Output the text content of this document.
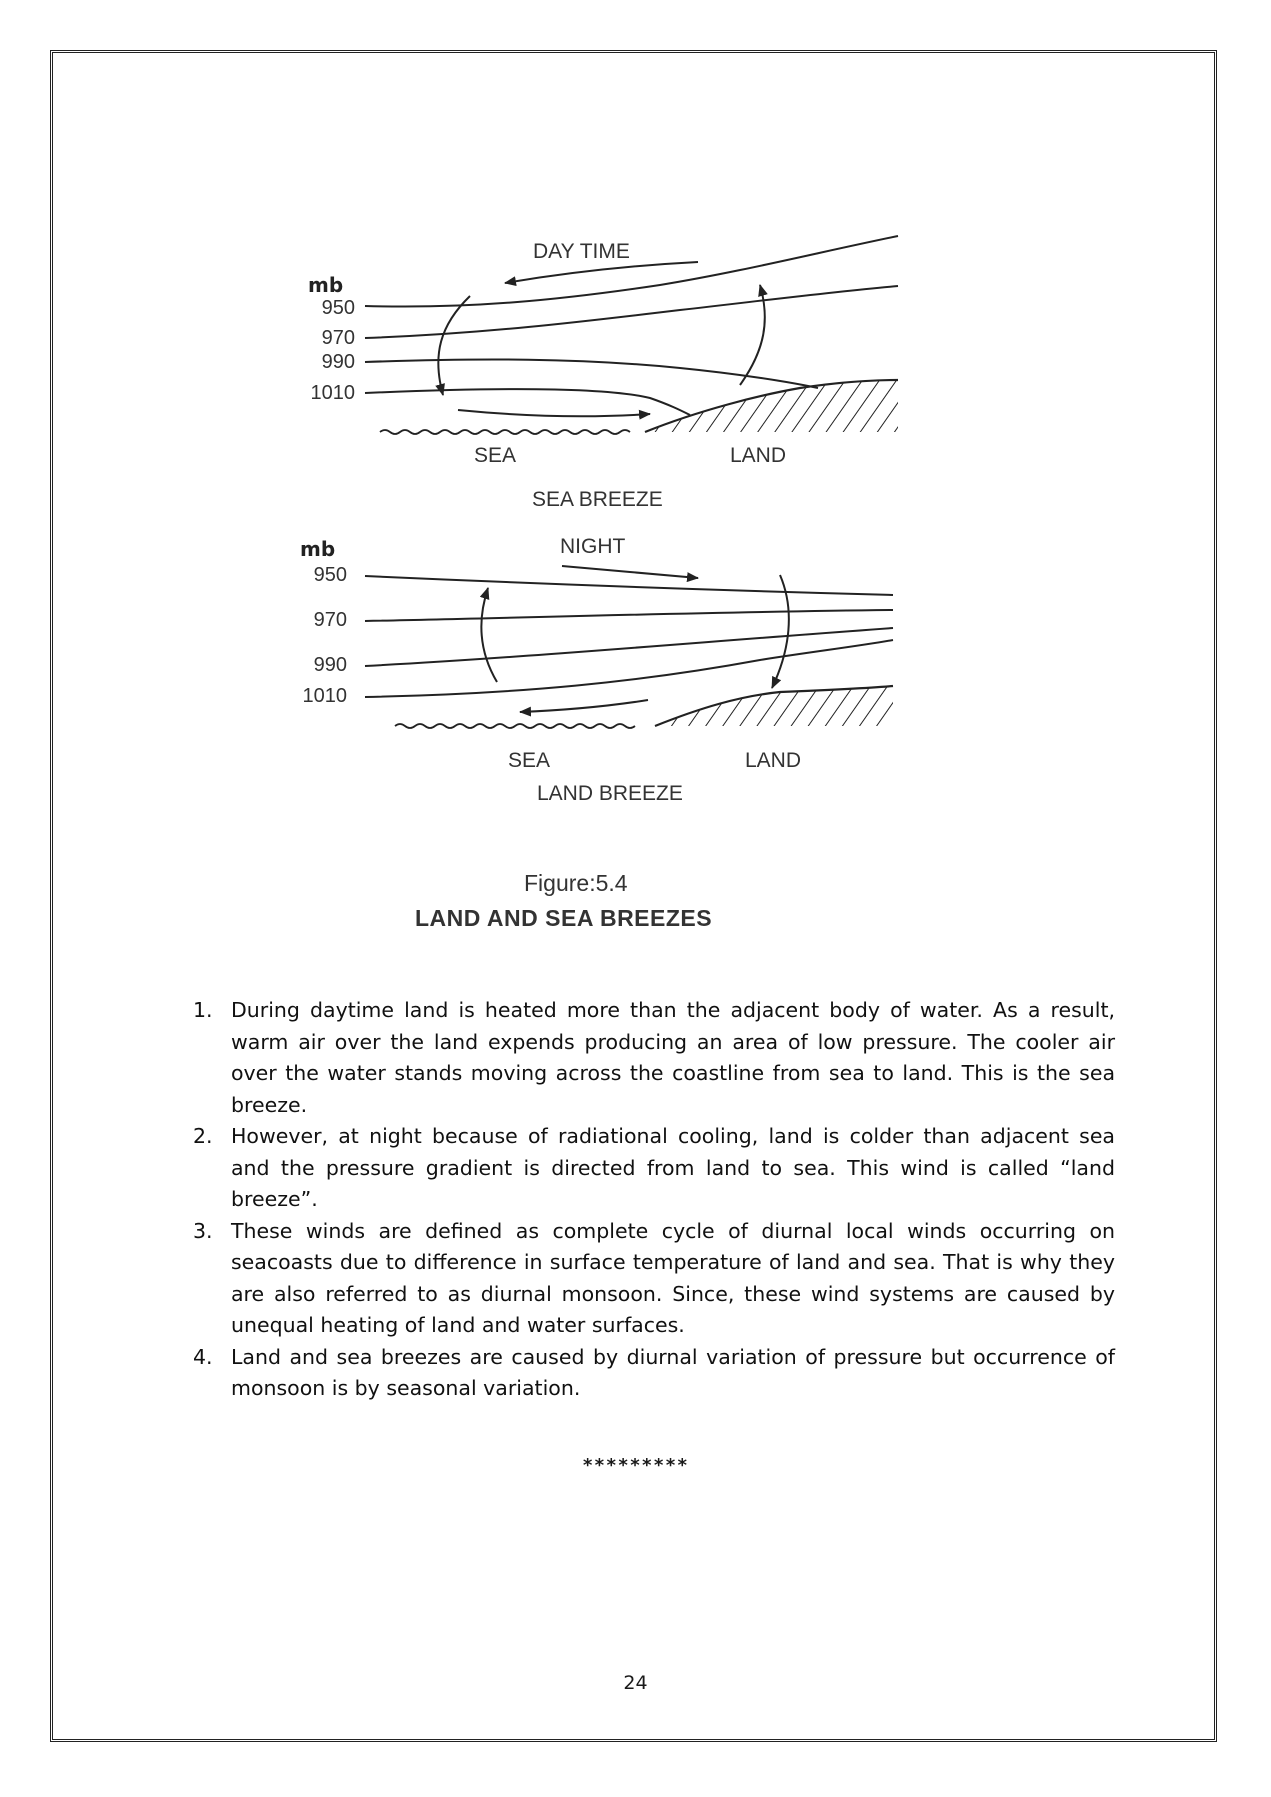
mb
950
970
990
1010
DAY TIME
SEA	LAND
SEA BREEZE
mb
950
970
990
1010
NIGHT
SEA	LAND
LAND BREEZE
Figure:5.4
LAND AND SEA BREEZES
1. During daytime land is heated more than the adjacent body of water. As a result, warm air over the land expends producing an area of low pressure. The cooler air over the water stands moving across the coastline from sea to land. This is the sea breeze.
2. However, at night because of radiational cooling, land is colder than adjacent sea and the pressure gradient is directed from land to sea. This wind is called “land breeze”.
3. These winds are defined as complete cycle of diurnal local winds occurring on seacoasts due to difference in surface temperature of land and sea. That is why they are also referred to as diurnal monsoon. Since, these wind systems are caused by unequal heating of land and water surfaces.
4. Land and sea breezes are caused by diurnal variation of pressure but occurrence of monsoon is by seasonal variation.
*********
24
